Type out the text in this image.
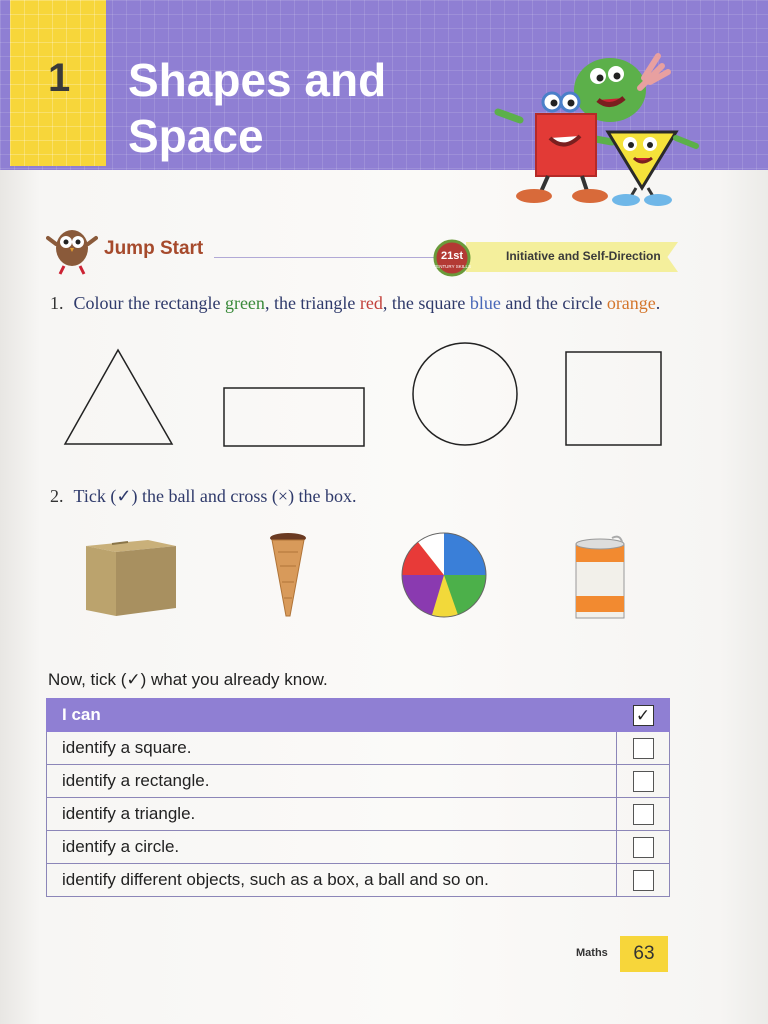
1 Shapes and
Space
Jump Start	21st
CENTURY SKILLS
Initiative and Self-Direction
1. Colour the rectangle green, the triangle red, the square blue and the circle orange.
2. Tick (✓) the ball and cross (×) the box.
Now, tick (✓) what you already know.
I can	✓
identify a square.	
identify a rectangle.	
identify a triangle.	
identify a circle.	
identify different objects, such as a box, a ball and so on.	
Maths	63
